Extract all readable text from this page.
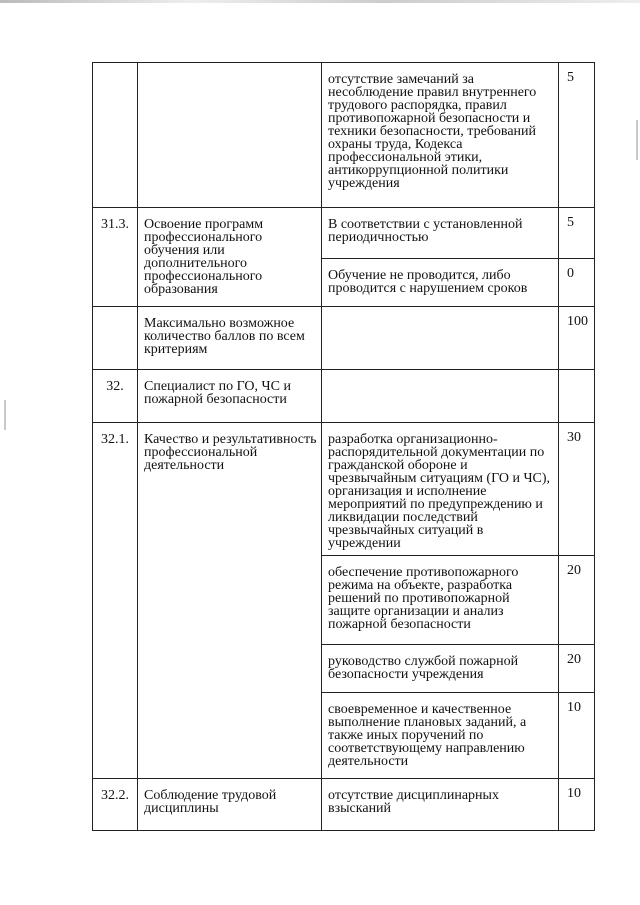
		отсутствие замечаний за несоблюдение правил внутреннего трудового распорядка, правил противопожарной безопасности и техники безопасности, требований охраны труда, Кодекса профессиональной этики, антикоррупционной политики учреждения	5

31.3.	Освоение программ профессионального обучения или дополнительного профессионального образования	В соответствии с установленной периодичностью	5

		Обучение не проводится, либо проводится с нарушением сроков	0

	Максимально возможное количество баллов по всем критериям		100

32.	Специалист по ГО, ЧС и пожарной безопасности		

32.1.	Качество и результативность профессиональной деятельности	разработка организационно-распорядительной документации по гражданской обороне и чрезвычайным ситуациям (ГО и ЧС), организация и исполнение мероприятий по предупреждению и ликвидации последствий чрезвычайных ситуаций в учреждении	30

		обеспечение противопожарного режима на объекте, разработка решений по противопожарной защите организации и анализ пожарной безопасности	20

		руководство службой пожарной безопасности учреждения	20

		своевременное и качественное выполнение плановых заданий, а также иных поручений по соответствующему направлению деятельности	10

32.2.	Соблюдение трудовой дисциплины	отсутствие дисциплинарных взысканий	10
